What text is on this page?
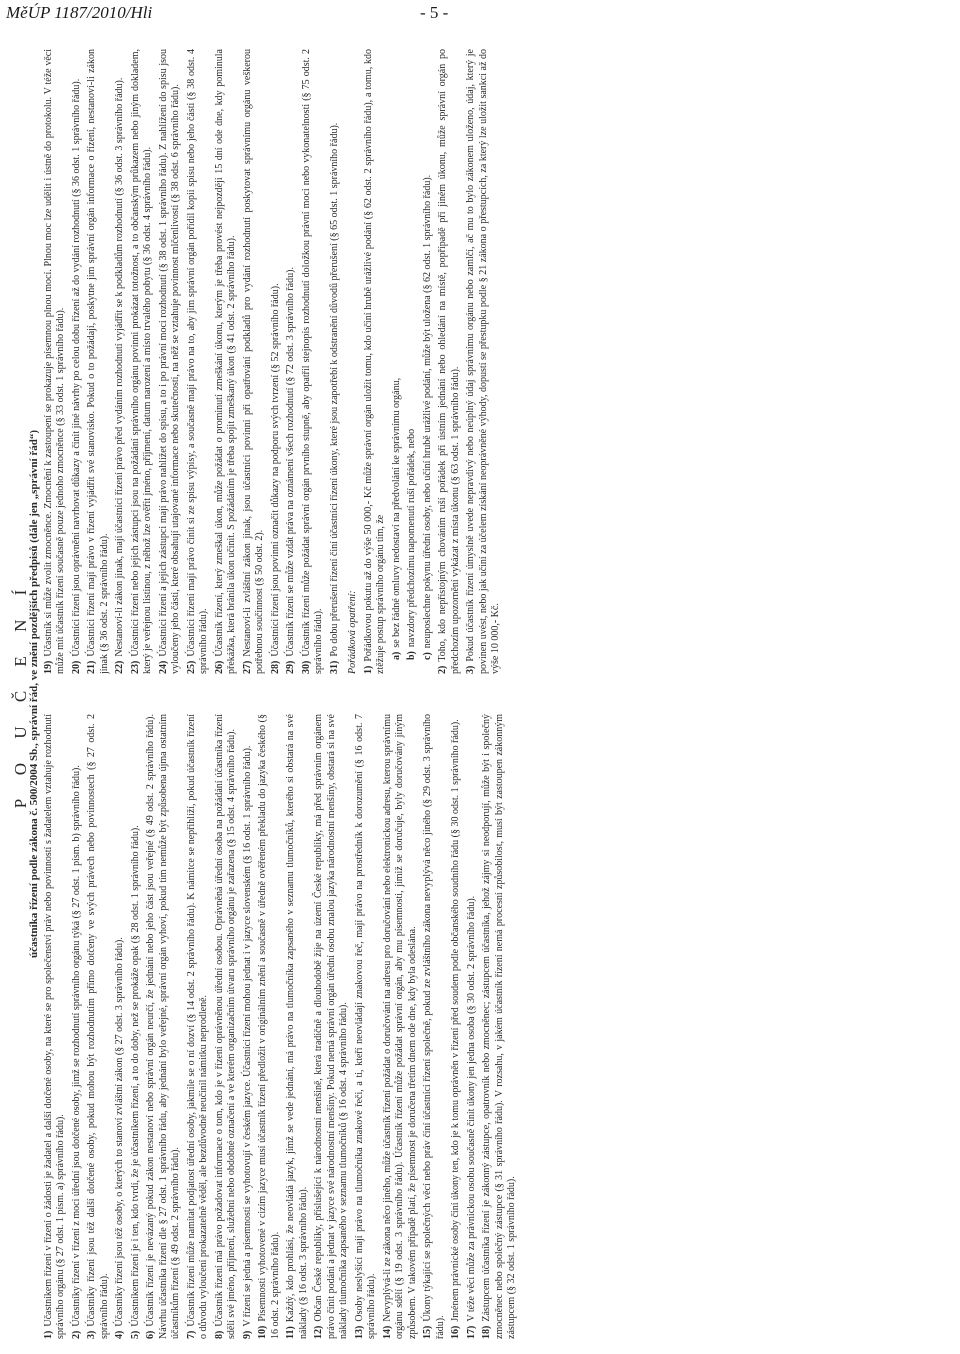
MěÚP 1187/2010/Hli	- 5 -
P O U Č E N Í
účastníka řízení podle zákona č. 500/2004 Sb., správní řád, ve znění pozdějších předpisů (dále jen „správní řád“)
1)Účastníkem řízení v řízení o žádosti je žadatel a další dotčené osoby, na které se pro společenství práv nebo povinností s žadatelem vztahuje rozhodnutí správního orgánu (§ 27 odst. 1 písm. a) správního řádu). 2)Účastníky řízení v řízení z moci úřední jsou dotčené osoby, jimž se rozhodnutí správního orgánu týká (§ 27 odst. 1 písm. b) správního řádu).
3)Účastníky řízení jsou též další dotčené osoby, pokud mohou být rozhodnutím přímo dotčeny ve svých právech nebo povinnostech (§ 27 odst. 2 správního řádu). 4)Účastníky řízení jsou též osoby, o kterých to stanoví zvláštní zákon (§ 27 odst. 3 správního řádu).
5)Účastníkem řízení je i ten, kdo tvrdí, že je účastníkem řízení, a to do doby, než se prokáže opak (§ 28 odst. 1 správního řádu).
6)Účastník řízení je nevázaný pokud zákon nestanoví nebo správní orgán neurčí, že jednání nebo jeho část jsou veřejné (§ 49 odst. 2 správního řádu). Návrhu účastníka řízení dle § 27 odst. 1 správního řádu, aby jednání bylo veřejné, správní orgán vyhoví, pokud tím nemůže být způsobena újma ostatním účastníkům řízení (§ 49 odst. 2 správního řádu). 7)Účastník řízení může namítat podjatost úřední osoby, jakmile se o ní dozví (§ 14 odst. 2 správního řádu). K námitce se nepřihlíží, pokud účastník řízení o důvodu vyloučení prokazatelně věděl, ale bezdůvodně neučinil námitku neprodleně. 8)Účastník řízení má právo požadovat informace o tom, kdo je v řízení oprávněnou úřední osobou. Oprávněná úřední osoba na požádání účastníka řízení sdělí své jméno, příjmení, služební nebo obdobné označení a ve kterém organizačním útvaru správního orgánu je zařazena (§ 15 odst. 4 správního řádu). 9)V řízení se jedná a písemnosti se vyhotovují v českém jazyce. Účastníci řízení mohou jednat i v jazyce slovenském (§ 16 odst. 1 správního řádu).
10)Písemnosti vyhotovené v cizím jazyce musí účastník řízení předložit v originálním znění a současně v úředně ověřeném překladu do jazyka českého (§ 16 odst. 2 správního řádu). 11)Každý, kdo prohlásí, že neovládá jazyk, jímž se vede jednání, má právo na tlumočníka zapsaného v seznamu tlumočníků, kterého si obstará na své náklady (§ 16 odst. 3 správního řádu). 12)Občan České republiky, příslušející k národnostní menšině, která tradičně a dlouhodobě žije na území České republiky, má před správním orgánem právo činit podání a jednat v jazyce své národnostní menšiny. Pokud nemá správní orgán úřední osobu znalou jazyka národnostní menšiny, obstará si na své náklady tlumočníka zapsaného v seznamu tlumočníků (§ 16 odst. 4 správního řádu). 13)Osoby neslyšící mají právo na tlumočníka znakové řeči, a ti, kteří neovládají znakovou řeč, mají právo na prostředník k dorozumění (§ 16 odst. 7 správního řádu). 14)Nevyplývá-li ze zákona něco jiného, může účastník řízení požádat o doručování na adresu pro doručování nebo elektronickou adresu, kterou správnímu orgánu sdělí (§ 19 odst. 3 správního řádu). Účastník řízení může požádat správní orgán, aby mu písemnosti, jimiž se doručuje, byly doručovány jiným způsobem. V takovém případě platí, že písemnost je doručena třetím dnem ode dne, kdy byla odeslána. 15)Úkony týkající se společných věcí nebo práv činí účastníci řízení společně, pokud ze zvláštního zákona nevyplývá něco jiného (§ 29 odst. 3 správního řádu). 16)Jménem právnické osoby činí úkony ten, kdo je k tomu oprávněn v řízení před soudem podle občanského soudního řádu (§ 30 odst. 1 správního řádu).
17)V téže věci může za právnickou osobu současně činit úkony jen jedna osoba (§ 30 odst. 2 správního řádu).
18)Zástupcem účastníka řízení je zákonný zástupce, opatrovník nebo zmocněnec; zástupcem účastníka, jehož zájmy si neodporují, může být i společný zmocněnec nebo společný zástupce (§ 31 správního řádu). V rozsahu, v jakém účastník řízení nemá procesní způsobilost, musí být zastoupen zákonným zástupcem (§ 32 odst. 1 správního řádu).
19)Účastník si může zvolit zmocněnce. Zmocnění k zastoupení se prokazuje písemnou plnou mocí. Plnou moc lze udělit i ústně do protokolu. V téže věci může mít účastník řízení současně pouze jednoho zmocněnce (§ 33 odst. 1 správního řádu). 20)Účastníci řízení jsou oprávněni navrhovat důkazy a činit jiné návrhy po celou dobu řízení až do vydání rozhodnutí (§ 36 odst. 1 správního řádu).
21)Účastníci řízení mají právo v řízení vyjádřit své stanovisko. Pokud o to požádají, poskytne jim správní orgán informace o řízení, nestanoví-li zákon jinak (§ 36 odst. 2 správního řádu). 22)Nestanoví-li zákon jinak, mají účastníci řízení právo před vydáním rozhodnutí vyjádřit se k podkladům rozhodnutí (§ 36 odst. 3 správního řádu).
23)Účastníci řízení nebo jejich zástupci jsou na požádání správního orgánu povinni prokázat totožnost, a to občanským průkazem nebo jiným dokladem, který je veřejnou listinou, z něhož lze ověřit jméno, příjmení, datum narození a místo trvalého pobytu (§ 36 odst. 4 správního řádu). 24)Účastníci řízení a jejich zástupci mají právo nahlížet do spisu, a to i po právní moci rozhodnutí (§ 38 odst. 1 správního řádu). Z nahlížení do spisu jsou vyloučeny jeho části, které obsahují utajované informace nebo skutečnosti, na něž se vztahuje povinnost mlčenlivosti (§ 38 odst. 6 správního řádu). 25)Účastníci řízení mají právo činit si ze spisu výpisy, a současně mají právo na to, aby jim správní orgán pořídil kopii spisu nebo jeho části (§ 38 odst. 4 správního řádu). 26)Účastník řízení, který zmeškal úkon, může požádat o prominutí zmeškání úkonu, kterým je třeba provést nejpozději 15 dní ode dne, kdy pominula překážka, která bránila úkon učinit. S požádáním je třeba spojit zmeškaný úkon (§ 41 odst. 2 správního řádu). 27)Nestanoví-li zvláštní zákon jinak, jsou účastníci povinni při opatřování podkladů pro vydání rozhodnutí poskytovat správnímu orgánu veškerou potřebnou součinnost (§ 50 odst. 2). 28)Účastníci řízení jsou povinni označit důkazy na podporu svých tvrzení (§ 52 správního řádu).
29)Účastník řízení se může vzdát práva na oznámení všech rozhodnutí (§ 72 odst. 3 správního řádu).
30)Účastník řízení může požádat správní orgán prvního stupně, aby opatřil stejnopis rozhodnutí doložkou právní moci nebo vykonatelnosti (§ 75 odst. 2 správního řádu). 31)Po dobu přerušení řízení činí účastníci řízení úkony, které jsou zapotřebí k odstranění důvodů přerušení (§ 65 odst. 1 správního řádu). Pořádková opatření: 1)Pořádkovou pokutu až do výše 50 000,- Kč může správní orgán uložit tomu, kdo učiní hrubě urážlivé podání (§ 62 odst. 2 správního řádu), a tomu, kdo ztěžuje postup správního orgánu tím, že a)se bez řádné omluvy nedostaví na předvolání ke správnímu orgánu,
b)navzdory předchozímu napomenutí ruší pořádek, nebo
c)neuposlechne pokynu úřední osoby, nebo učiní hrubě urážlivé podání, může být uložena (§ 62 odst. 1 správního řádu).
2)Toho, kdo nepřístojným chováním ruší pořádek při ústním jednání nebo ohledání na místě, popřípadě při jiném úkonu, může správní orgán po předchozím upozornění vykázat z místa úkonu (§ 63 odst. 1 správního řádu). 3)Pokud účastník řízení úmyslně uvede nepravdivý nebo neúplný údaj správnímu orgánu nebo zamlčí, ač mu to bylo zákonem uloženo, údaj, který je povinen uvést, nebo jak učiní za účelem získání neoprávněné výhody, dopustí se přestupku podle § 21 zákona o přestupcích, za který lze uložit sankci až do výše 10 000,- Kč.
